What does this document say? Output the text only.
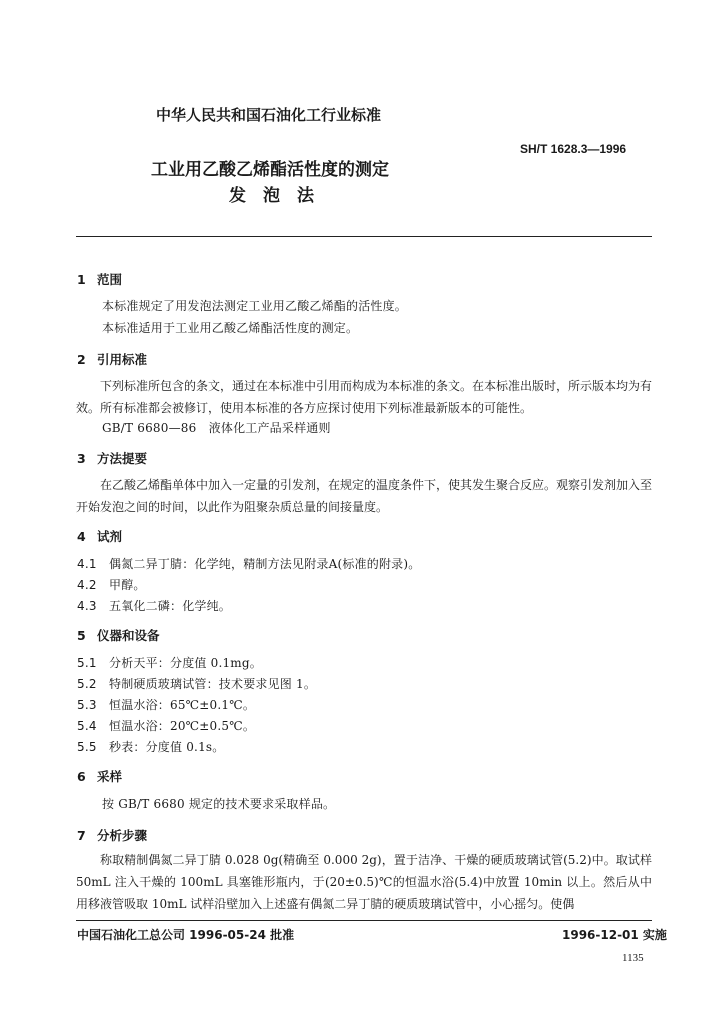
中华人民共和国石油化工行业标准
SH/T 1628.3—1996
工业用乙酸乙烯酯活性度的测定
发　泡　法
1 范围
本标准规定了用发泡法测定工业用乙酸乙烯酯的活性度。
本标准适用于工业用乙酸乙烯酯活性度的测定。
2 引用标准
下列标准所包含的条文，通过在本标准中引用而构成为本标准的条文。在本标准出版时，所示版本均为有效。所有标准都会被修订，使用本标准的各方应探讨使用下列标准最新版本的可能性。
GB/T 6680—86　液体化工产品采样通则
3 方法提要
在乙酸乙烯酯单体中加入一定量的引发剂，在规定的温度条件下，使其发生聚合反应。观察引发剂加入至开始发泡之间的时间，以此作为阻聚杂质总量的间接量度。
4 试剂
4.1 偶氮二异丁腈：化学纯，精制方法见附录A(标准的附录)。
4.2 甲醇。
4.3 五氧化二磷：化学纯。
5 仪器和设备
5.1 分析天平：分度值 0.1mg。
5.2 特制硬质玻璃试管：技术要求见图 1。
5.3 恒温水浴：65℃±0.1℃。
5.4 恒温水浴：20℃±0.5℃。
5.5 秒表：分度值 0.1s。
6 采样
按 GB/T 6680 规定的技术要求采取样品。
7 分析步骤
称取精制偶氮二异丁腈 0.028 0g(精确至 0.000 2g)，置于洁净、干燥的硬质玻璃试管(5.2)中。取试样 50mL 注入干燥的 100mL 具塞锥形瓶内，于(20±0.5)℃的恒温水浴(5.4)中放置 10min 以上。然后从中用移液管吸取 10mL 试样沿壁加入上述盛有偶氮二异丁腈的硬质玻璃试管中，小心摇匀。使偶
中国石油化工总公司 1996-05-24 批准	1996-12-01 实施
1135
